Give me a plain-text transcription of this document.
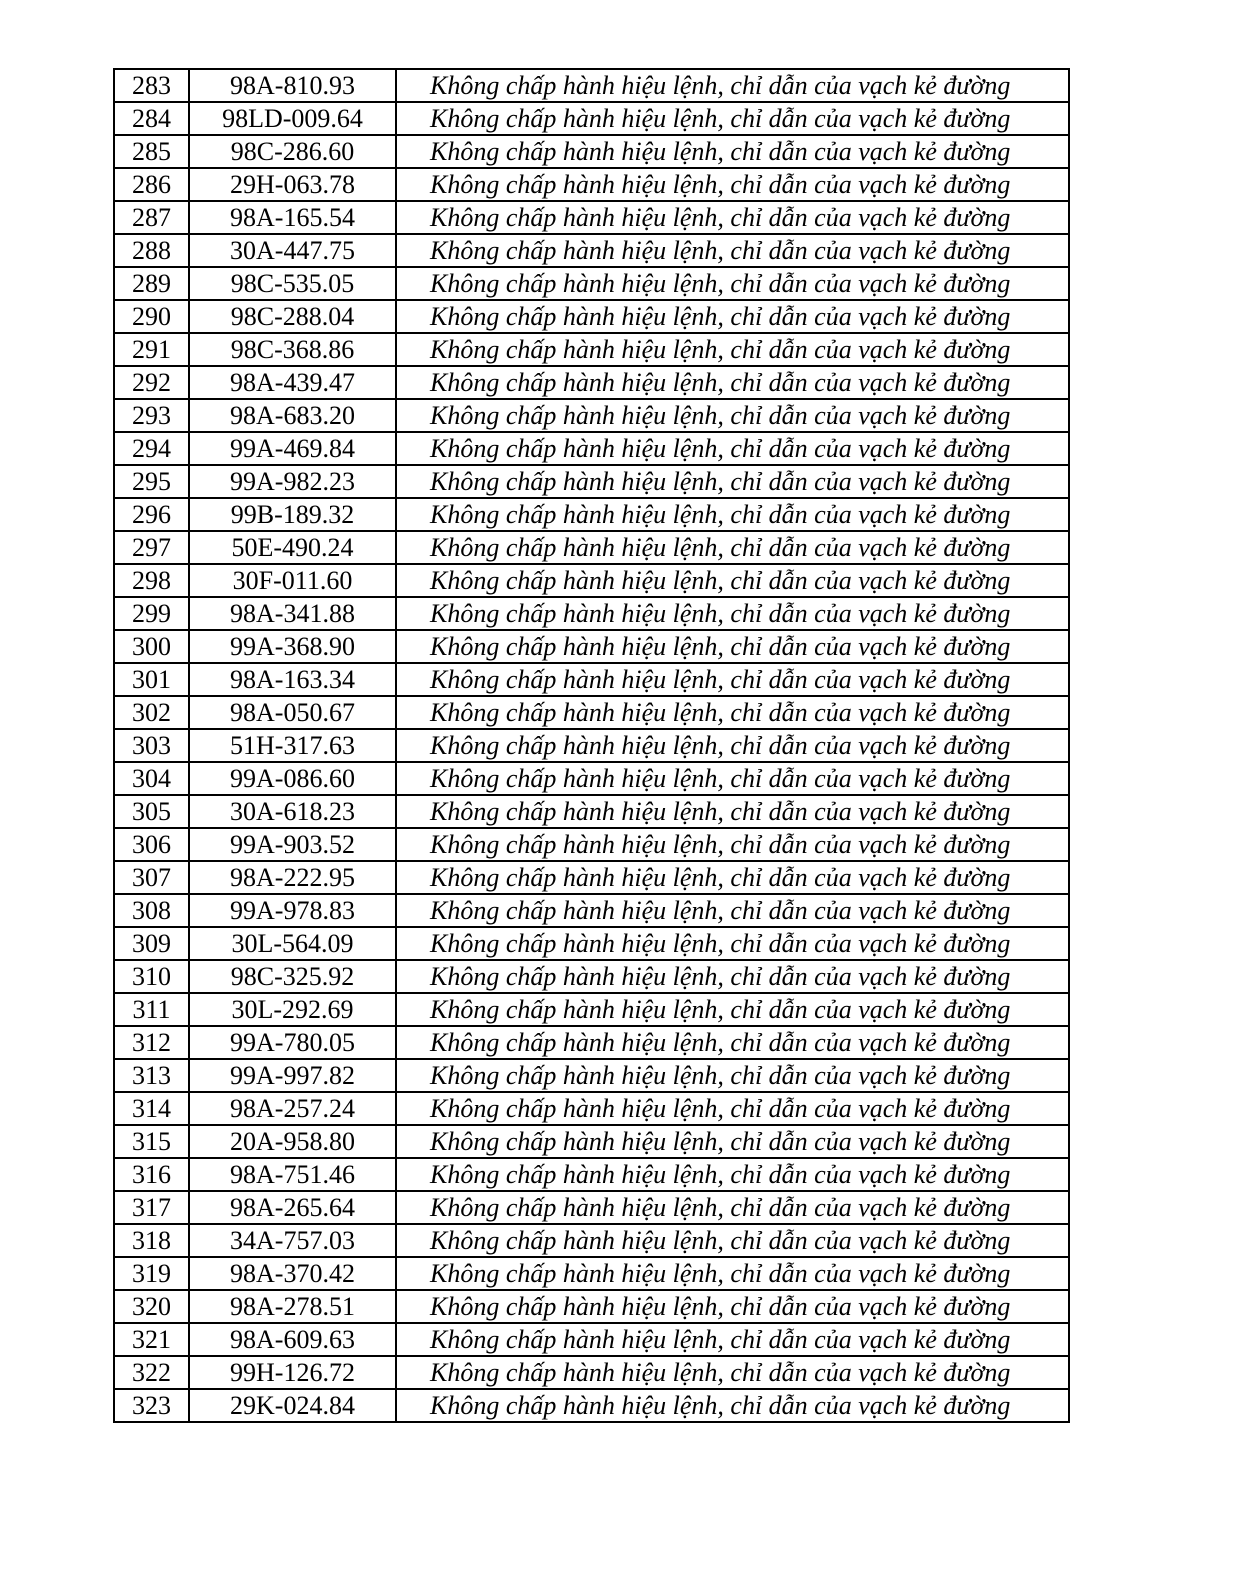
283	98A-810.93	Không chấp hành hiệu lệnh, chỉ dẫn của vạch kẻ đường
284	98LD-009.64	Không chấp hành hiệu lệnh, chỉ dẫn của vạch kẻ đường
285	98C-286.60	Không chấp hành hiệu lệnh, chỉ dẫn của vạch kẻ đường
286	29H-063.78	Không chấp hành hiệu lệnh, chỉ dẫn của vạch kẻ đường
287	98A-165.54	Không chấp hành hiệu lệnh, chỉ dẫn của vạch kẻ đường
288	30A-447.75	Không chấp hành hiệu lệnh, chỉ dẫn của vạch kẻ đường
289	98C-535.05	Không chấp hành hiệu lệnh, chỉ dẫn của vạch kẻ đường
290	98C-288.04	Không chấp hành hiệu lệnh, chỉ dẫn của vạch kẻ đường
291	98C-368.86	Không chấp hành hiệu lệnh, chỉ dẫn của vạch kẻ đường
292	98A-439.47	Không chấp hành hiệu lệnh, chỉ dẫn của vạch kẻ đường
293	98A-683.20	Không chấp hành hiệu lệnh, chỉ dẫn của vạch kẻ đường
294	99A-469.84	Không chấp hành hiệu lệnh, chỉ dẫn của vạch kẻ đường
295	99A-982.23	Không chấp hành hiệu lệnh, chỉ dẫn của vạch kẻ đường
296	99B-189.32	Không chấp hành hiệu lệnh, chỉ dẫn của vạch kẻ đường
297	50E-490.24	Không chấp hành hiệu lệnh, chỉ dẫn của vạch kẻ đường
298	30F-011.60	Không chấp hành hiệu lệnh, chỉ dẫn của vạch kẻ đường
299	98A-341.88	Không chấp hành hiệu lệnh, chỉ dẫn của vạch kẻ đường
300	99A-368.90	Không chấp hành hiệu lệnh, chỉ dẫn của vạch kẻ đường
301	98A-163.34	Không chấp hành hiệu lệnh, chỉ dẫn của vạch kẻ đường
302	98A-050.67	Không chấp hành hiệu lệnh, chỉ dẫn của vạch kẻ đường
303	51H-317.63	Không chấp hành hiệu lệnh, chỉ dẫn của vạch kẻ đường
304	99A-086.60	Không chấp hành hiệu lệnh, chỉ dẫn của vạch kẻ đường
305	30A-618.23	Không chấp hành hiệu lệnh, chỉ dẫn của vạch kẻ đường
306	99A-903.52	Không chấp hành hiệu lệnh, chỉ dẫn của vạch kẻ đường
307	98A-222.95	Không chấp hành hiệu lệnh, chỉ dẫn của vạch kẻ đường
308	99A-978.83	Không chấp hành hiệu lệnh, chỉ dẫn của vạch kẻ đường
309	30L-564.09	Không chấp hành hiệu lệnh, chỉ dẫn của vạch kẻ đường
310	98C-325.92	Không chấp hành hiệu lệnh, chỉ dẫn của vạch kẻ đường
311	30L-292.69	Không chấp hành hiệu lệnh, chỉ dẫn của vạch kẻ đường
312	99A-780.05	Không chấp hành hiệu lệnh, chỉ dẫn của vạch kẻ đường
313	99A-997.82	Không chấp hành hiệu lệnh, chỉ dẫn của vạch kẻ đường
314	98A-257.24	Không chấp hành hiệu lệnh, chỉ dẫn của vạch kẻ đường
315	20A-958.80	Không chấp hành hiệu lệnh, chỉ dẫn của vạch kẻ đường
316	98A-751.46	Không chấp hành hiệu lệnh, chỉ dẫn của vạch kẻ đường
317	98A-265.64	Không chấp hành hiệu lệnh, chỉ dẫn của vạch kẻ đường
318	34A-757.03	Không chấp hành hiệu lệnh, chỉ dẫn của vạch kẻ đường
319	98A-370.42	Không chấp hành hiệu lệnh, chỉ dẫn của vạch kẻ đường
320	98A-278.51	Không chấp hành hiệu lệnh, chỉ dẫn của vạch kẻ đường
321	98A-609.63	Không chấp hành hiệu lệnh, chỉ dẫn của vạch kẻ đường
322	99H-126.72	Không chấp hành hiệu lệnh, chỉ dẫn của vạch kẻ đường
323	29K-024.84	Không chấp hành hiệu lệnh, chỉ dẫn của vạch kẻ đường
